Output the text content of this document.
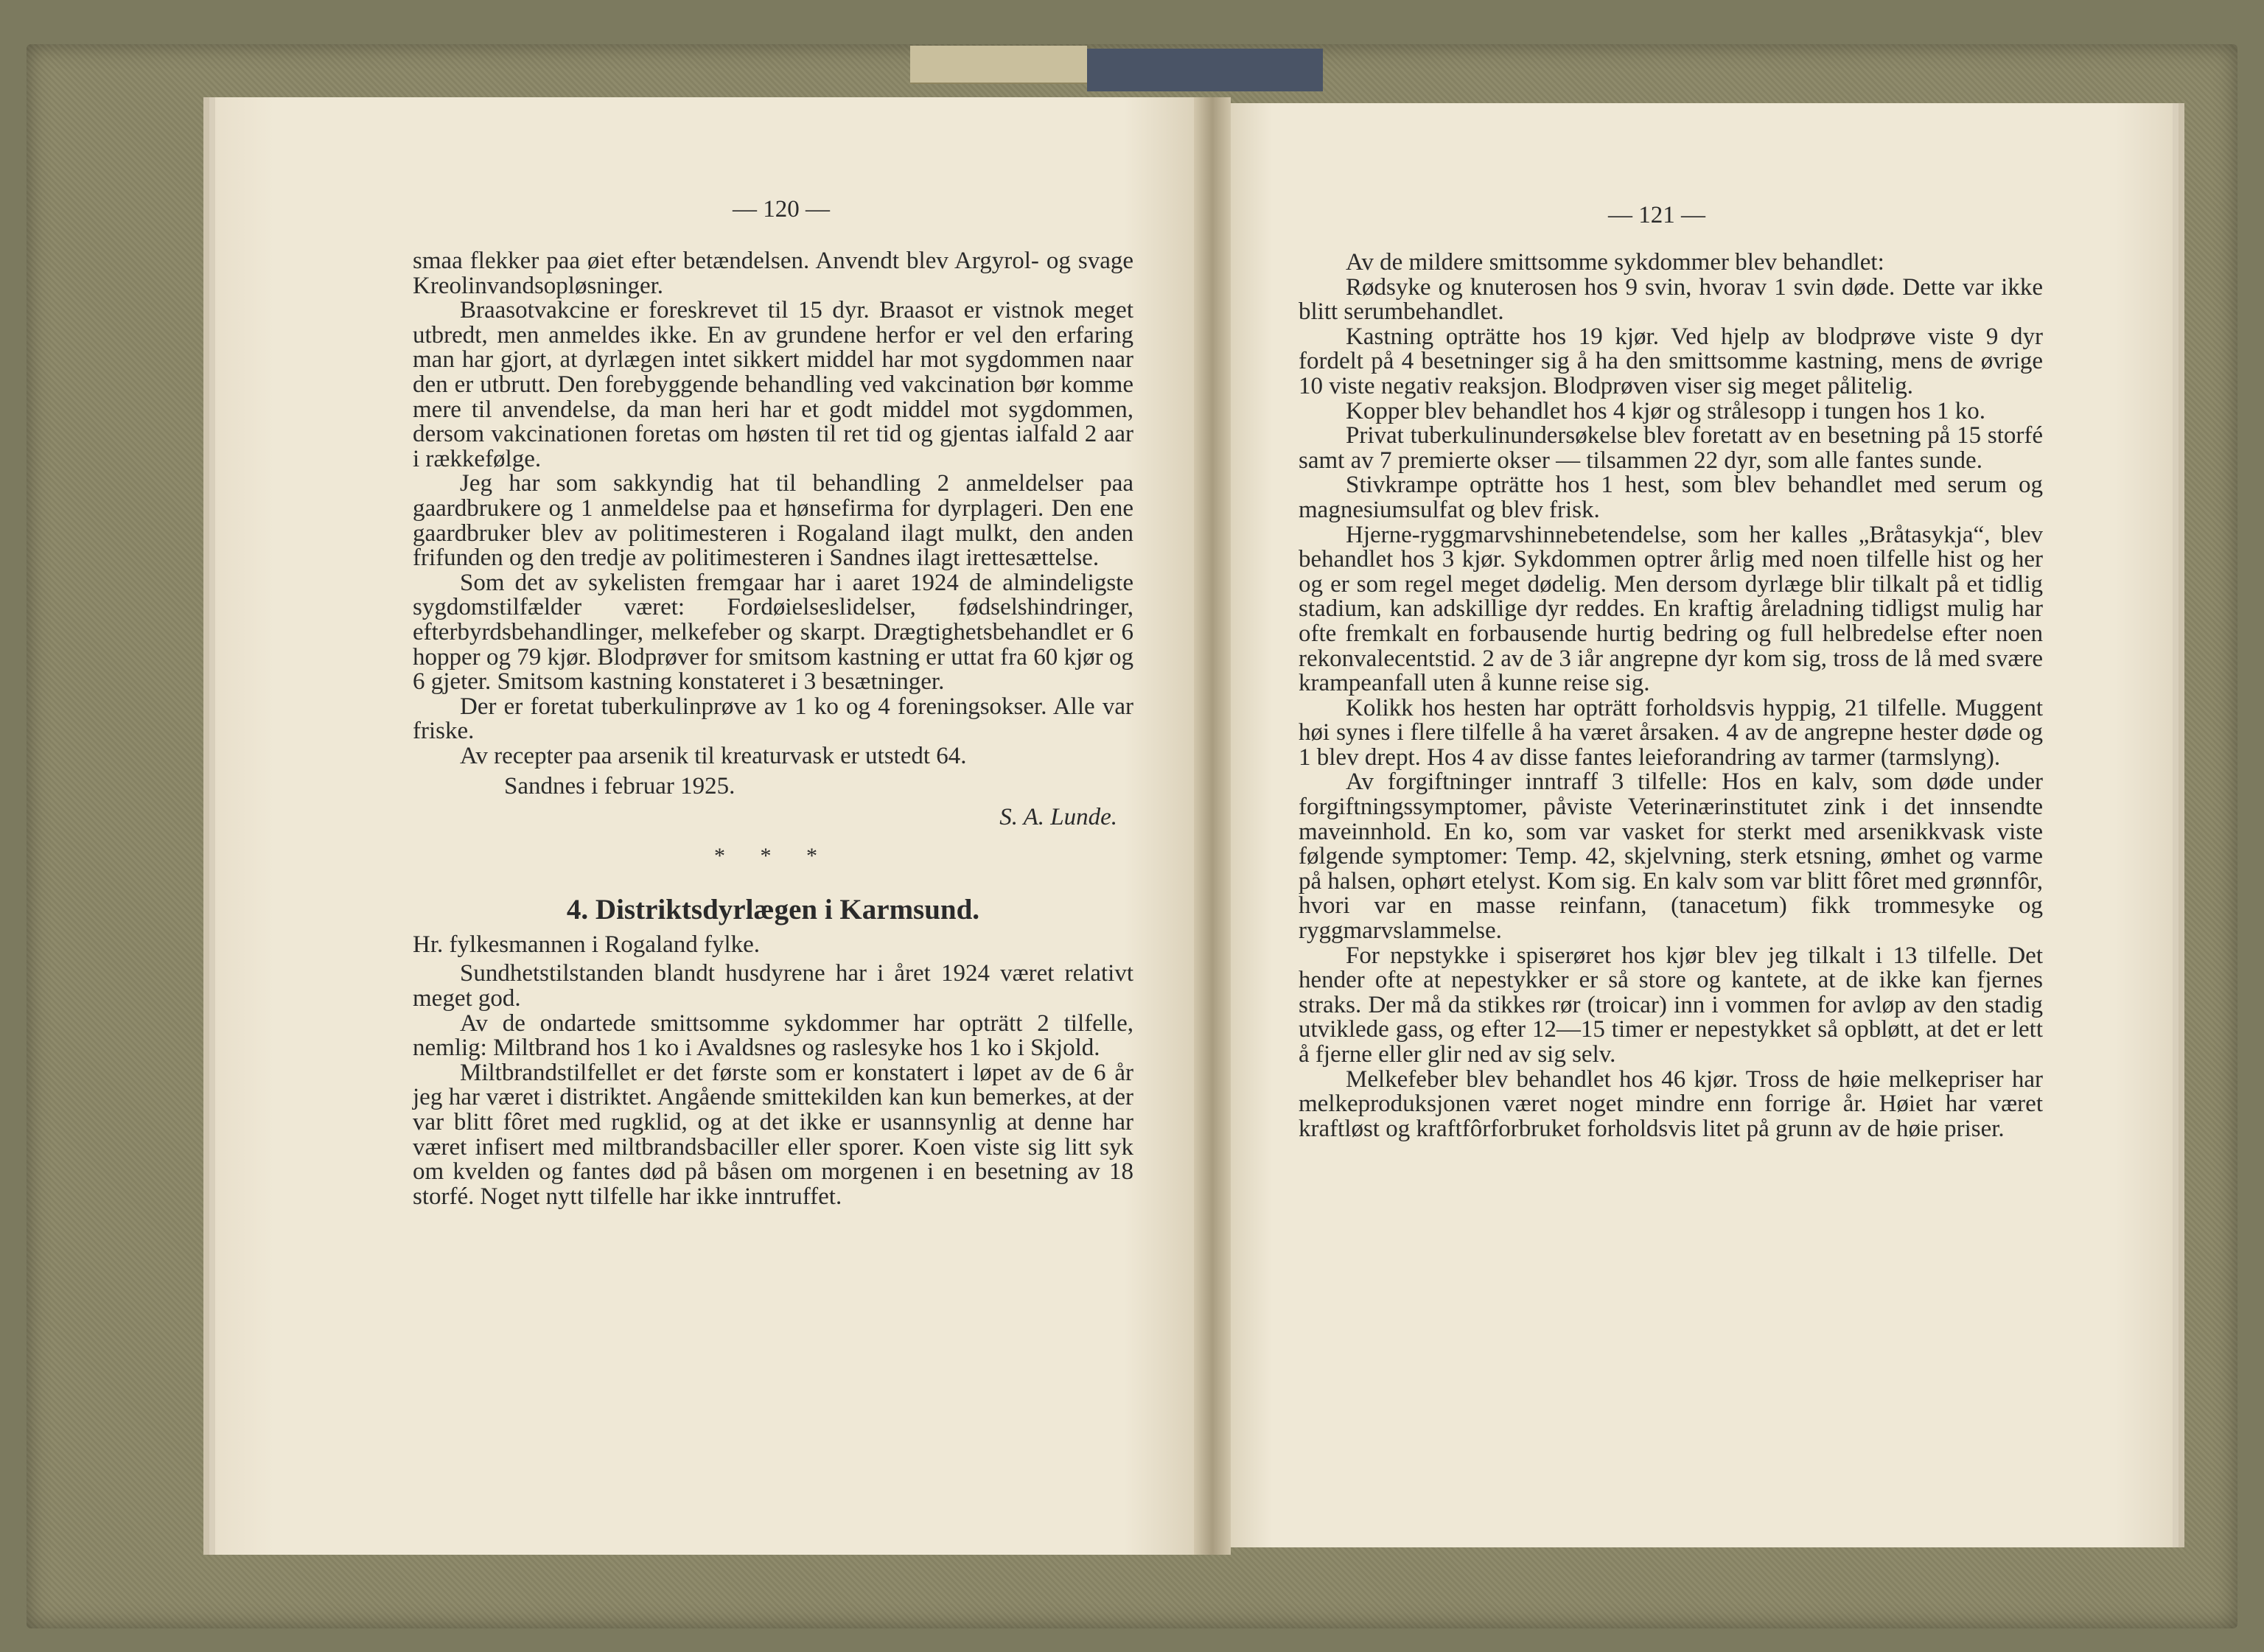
— 120 —	— 121 —

smaa flekker paa øiet efter betændelsen. Anvendt blev Argyrol- og svage Kreolinvandsopløsninger.

Braasotvakcine er foreskrevet til 15 dyr. Braasot er vistnok meget utbredt, men anmeldes ikke. En av grundene herfor er vel den erfaring man har gjort, at dyrlægen intet sikkert middel har mot sygdommen naar den er utbrutt. Den forebyggende behandling ved vakcination bør komme mere til anvendelse, da man heri har et godt middel mot sygdommen, dersom vakcinationen foretas om høsten til ret tid og gjentas ialfald 2 aar i rækkefølge.

Jeg har som sakkyndig hat til behandling 2 anmeldelser paa gaardbrukere og 1 anmeldelse paa et hønsefirma for dyrplageri. Den ene gaardbruker blev av politimesteren i Rogaland ilagt mulkt, den anden frifunden og den tredje av politimesteren i Sandnes ilagt irettesættelse.

Som det av sykelisten fremgaar har i aaret 1924 de almindeligste sygdomstilfælder været: Fordøielseslidelser, fødselshindringer, efterbyrdsbehandlinger, melkefeber og skarpt. Drægtighetsbehandlet er 6 hopper og 79 kjør. Blodprøver for smitsom kastning er uttat fra 60 kjør og 6 gjeter. Smitsom kastning konstateret i 3 besætninger.

Der er foretat tuberkulinprøve av 1 ko og 4 foreningsokser. Alle var friske.

Av recepter paa arsenik til kreaturvask er utstedt 64.

Sandnes i februar 1925.

S. A. Lunde.

* * *

4. Distriktsdyrlægen i Karmsund.

Hr. fylkesmannen i Rogaland fylke.

Sundhetstilstanden blandt husdyrene har i året 1924 været relativt meget god.

Av de ondartede smittsomme sykdommer har opträtt 2 tilfelle, nemlig: Miltbrand hos 1 ko i Avaldsnes og raslesyke hos 1 ko i Skjold.

Miltbrandstilfellet er det første som er konstatert i løpet av de 6 år jeg har været i distriktet. Angående smittekilden kan kun bemerkes, at der var blitt fôret med rugklid, og at det ikke er usannsynlig at denne har været infisert med miltbrandsbaciller eller sporer. Koen viste sig litt syk om kvelden og fantes død på båsen om morgenen i en besetning av 18 storfé. Noget nytt tilfelle har ikke inntruffet.

Av de mildere smittsomme sykdommer blev behandlet:

Rødsyke og knuterosen hos 9 svin, hvorav 1 svin døde. Dette var ikke blitt serumbehandlet.

Kastning opträtte hos 19 kjør. Ved hjelp av blodprøve viste 9 dyr fordelt på 4 besetninger sig å ha den smittsomme kastning, mens de øvrige 10 viste negativ reaksjon. Blodprøven viser sig meget pålitelig.

Kopper blev behandlet hos 4 kjør og strålesopp i tungen hos 1 ko.

Privat tuberkulinundersøkelse blev foretatt av en besetning på 15 storfé samt av 7 premierte okser — tilsammen 22 dyr, som alle fantes sunde.

Stivkrampe opträtte hos 1 hest, som blev behandlet med serum og magnesiumsulfat og blev frisk.

Hjerne-ryggmarvshinnebetendelse, som her kalles „Bråtasykja“, blev behandlet hos 3 kjør. Sykdommen optrer årlig med noen tilfelle hist og her og er som regel meget dødelig. Men dersom dyrlæge blir tilkalt på et tidlig stadium, kan adskillige dyr reddes. En kraftig åreladning tidligst mulig har ofte fremkalt en forbausende hurtig bedring og full helbredelse efter noen rekonvalecentstid. 2 av de 3 iår angrepne dyr kom sig, tross de lå med svære krampeanfall uten å kunne reise sig.

Kolikk hos hesten har opträtt forholdsvis hyppig, 21 tilfelle. Muggent høi synes i flere tilfelle å ha været årsaken. 4 av de angrepne hester døde og 1 blev drept. Hos 4 av disse fantes leieforandring av tarmer (tarmslyng).

Av forgiftninger inntraff 3 tilfelle: Hos en kalv, som døde under forgiftningssymptomer, påviste Veterinærinstitutet zink i det innsendte maveinnhold. En ko, som var vasket for sterkt med arsenikkvask viste følgende symptomer: Temp. 42, skjelvning, sterk etsning, ømhet og varme på halsen, ophørt etelyst. Kom sig. En kalv som var blitt fôret med grønnfôr, hvori var en masse reinfann, (tanacetum) fikk trommesyke og ryggmarvslammelse.

For nepstykke i spiserøret hos kjør blev jeg tilkalt i 13 tilfelle. Det hender ofte at nepestykker er så store og kantete, at de ikke kan fjernes straks. Der må da stikkes rør (troicar) inn i vommen for avløp av den stadig utviklede gass, og efter 12—15 timer er nepestykket så opbløtt, at det er lett å fjerne eller glir ned av sig selv.

Melkefeber blev behandlet hos 46 kjør. Tross de høie melkepriser har melkeproduksjonen været noget mindre enn forrige år. Høiet har været kraftløst og kraftfôrforbruket forholdsvis litet på grunn av de høie priser.
